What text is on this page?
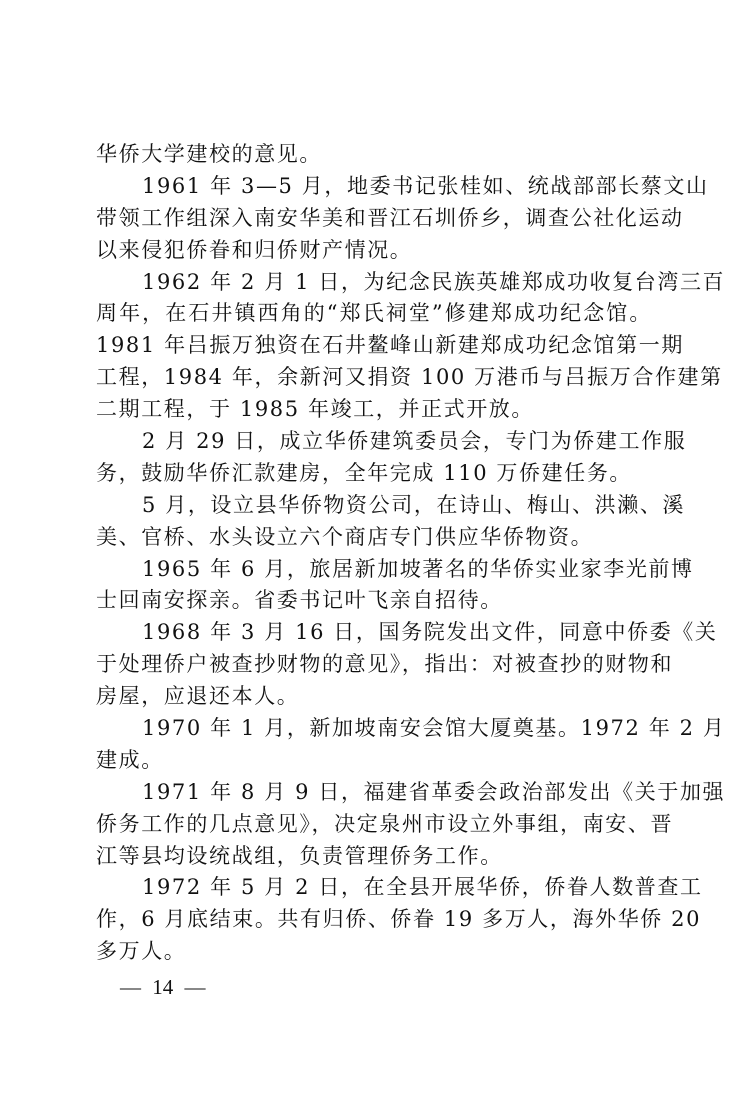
华侨大学建校的意见。
1961 年 3—5 月，地委书记张桂如、统战部部长蔡文山
带领工作组深入南安华美和晋江石圳侨乡，调查公社化运动
以来侵犯侨眷和归侨财产情况。
1962 年 2 月 1 日，为纪念民族英雄郑成功收复台湾三百
周年，在石井镇西角的“郑氏祠堂”修建郑成功纪念馆。
1981 年吕振万独资在石井鳌峰山新建郑成功纪念馆第一期
工程，1984 年，余新河又捐资 100 万港币与吕振万合作建第
二期工程，于 1985 年竣工，并正式开放。
2 月 29 日，成立华侨建筑委员会，专门为侨建工作服
务，鼓励华侨汇款建房，全年完成 110 万侨建任务。
5 月，设立县华侨物资公司，在诗山、梅山、洪濑、溪
美、官桥、水头设立六个商店专门供应华侨物资。
1965 年 6 月，旅居新加坡著名的华侨实业家李光前博
士回南安探亲。省委书记叶飞亲自招待。
1968 年 3 月 16 日，国务院发出文件，同意中侨委《关
于处理侨户被查抄财物的意见》，指出：对被查抄的财物和
房屋，应退还本人。
1970 年 1 月，新加坡南安会馆大厦奠基。1972 年 2 月
建成。
1971 年 8 月 9 日，福建省革委会政治部发出《关于加强
侨务工作的几点意见》，决定泉州市设立外事组，南安、晋
江等县均设统战组，负责管理侨务工作。
1972 年 5 月 2 日，在全县开展华侨，侨眷人数普查工
作，6 月底结束。共有归侨、侨眷 19 多万人，海外华侨 20
多万人。
— 14 —
